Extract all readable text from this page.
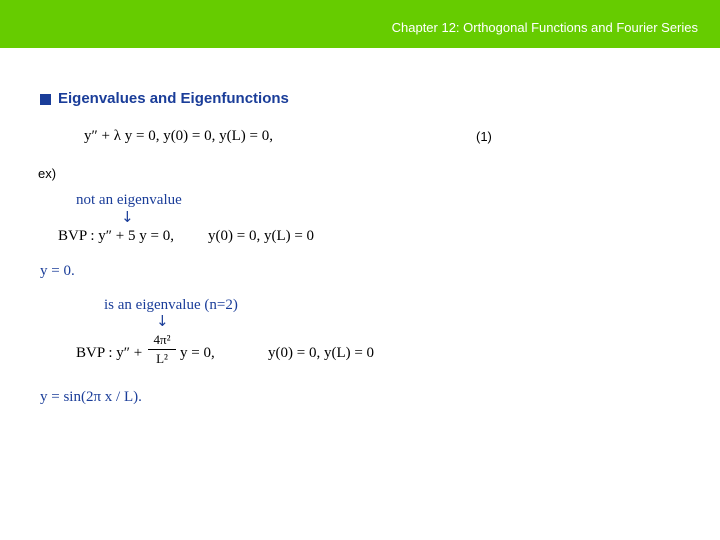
Chapter 12: Orthogonal Functions and Fourier Series
Eigenvalues and Eigenfunctions
y″ + λ y = 0, y(0) = 0, y(L) = 0,	(1)
ex)
not an eigenvalue
↓
BVP : y″ + 5 y = 0, y(0) = 0, y(L) = 0
y = 0.
is an eigenvalue (n=2)
↓
BVP : $y'' + \frac{\text{4π²}}{\text{L²}}$ y = 0,	y(0) = 0, y(L) = 0
y = sin(2π x / L).
